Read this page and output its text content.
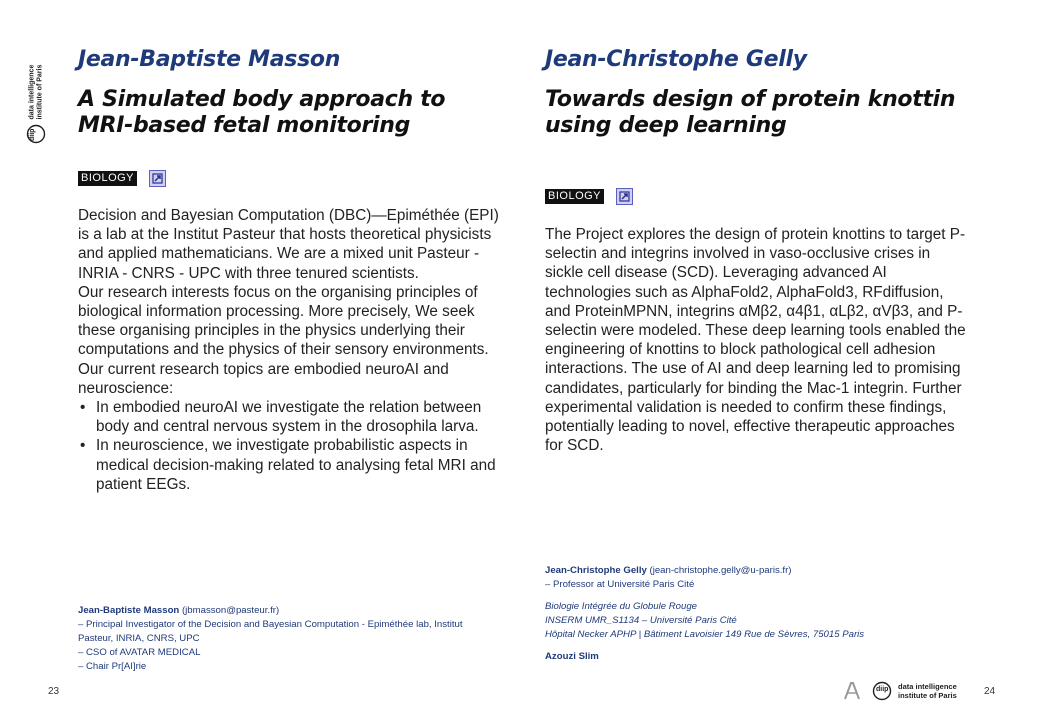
diip
data intelligence institute of Paris
Jean-Baptiste Masson
A Simulated body approach to MRI-based fetal monitoring
BIOLOGY

Decision and Bayesian Computation (DBC)—Epiméthée (EPI) is a lab at the Institut Pasteur that hosts theoretical physicists and applied mathematicians. We are a mixed unit Pasteur - INRIA - CNRS - UPC with three tenured scientists.

Our research interests focus on the organising principles of biological information processing. More precisely, We seek these organising principles in the physics underlying their computations and the physics of their sensory environments.

Our current research topics are embodied neuroAI and neuroscience:

• In embodied neuroAI we investigate the relation between body and central nervous system in the drosophila larva.
• In neuroscience, we investigate probabilistic aspects in medical decision-making related to analysing fetal MRI and patient EEGs.
Jean-Baptiste Masson (jbmasson@pasteur.fr)
– Principal Investigator of the Decision and Bayesian Computation - Epiméthée lab, Institut Pasteur, INRIA, CNRS, UPC
– CSO of AVATAR MEDICAL
– Chair Pr[AI]rie
23
Jean-Christophe Gelly
Towards design of protein knottin using deep learning
BIOLOGY

The Project explores the design of protein knottins to target P-selectin and integrins involved in vaso-occlusive crises in sickle cell disease (SCD). Leveraging advanced AI technologies such as AlphaFold2, AlphaFold3, RFdiffusion, and ProteinMPNN, integrins αMβ2, α4β1, αLβ2, αVβ3, and P-selectin were modeled. These deep learning tools enabled the engineering of knottins to block pathological cell adhesion interactions. The use of AI and deep learning led to promising candidates, particularly for binding the Mac-1 integrin. Further experimental validation is needed to confirm these findings, potentially leading to novel, effective therapeutic approaches for SCD.

Jean-Christophe Gelly (jean-christophe.gelly@u-paris.fr)
– Professor at Université Paris Cité
Biologie Intégrée du Globule Rouge
INSERM UMR_S1134 – Université Paris Cité
Hôpital Necker APHP | Bâtiment Lavoisier 149 Rue de Sèvres, 75015 Paris
Azouzi Slim
diip data intelligence
institute of Paris	24
